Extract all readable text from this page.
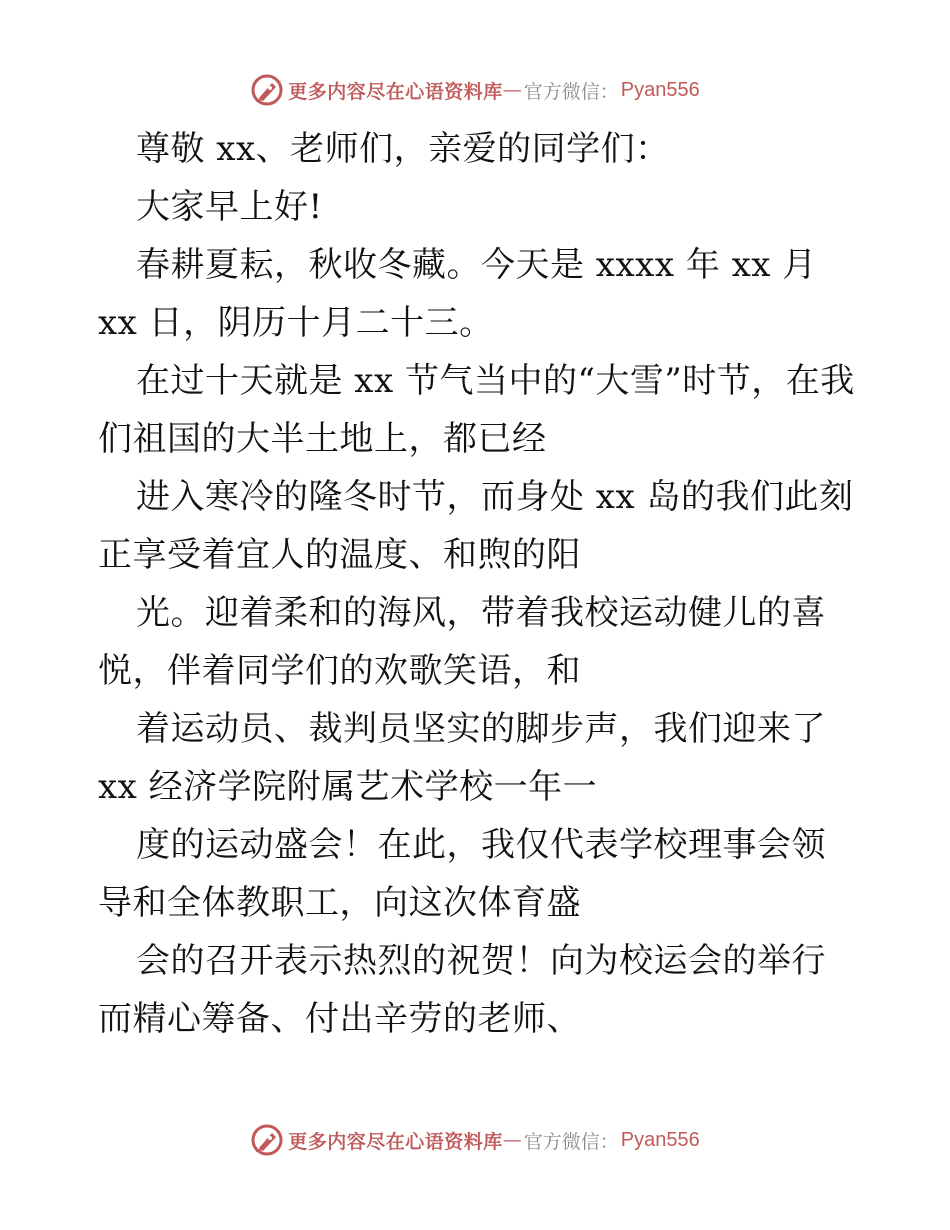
更多内容尽在心语资料库 — 官方微信： Pyan556

尊敬 xx、老师们，亲爱的同学们：

大家早上好!

春耕夏耘，秋收冬藏。今天是 xxxx 年 xx 月 xx 日，阴历十月二十三。

在过十天就是 xx 节气当中的“大雪”时节，在我们祖国的大半土地上，都已经

进入寒冷的隆冬时节，而身处 xx 岛的我们此刻正享受着宜人的温度、和煦的阳

光。迎着柔和的海风，带着我校运动健儿的喜悦，伴着同学们的欢歌笑语，和

着运动员、裁判员坚实的脚步声，我们迎来了 xx 经济学院附属艺术学校一年一

度的运动盛会！在此，我仅代表学校理事会领导和全体教职工，向这次体育盛

会的召开表示热烈的祝贺！向为校运会的举行而精心筹备、付出辛劳的老师、

更多内容尽在心语资料库 — 官方微信： Pyan556
